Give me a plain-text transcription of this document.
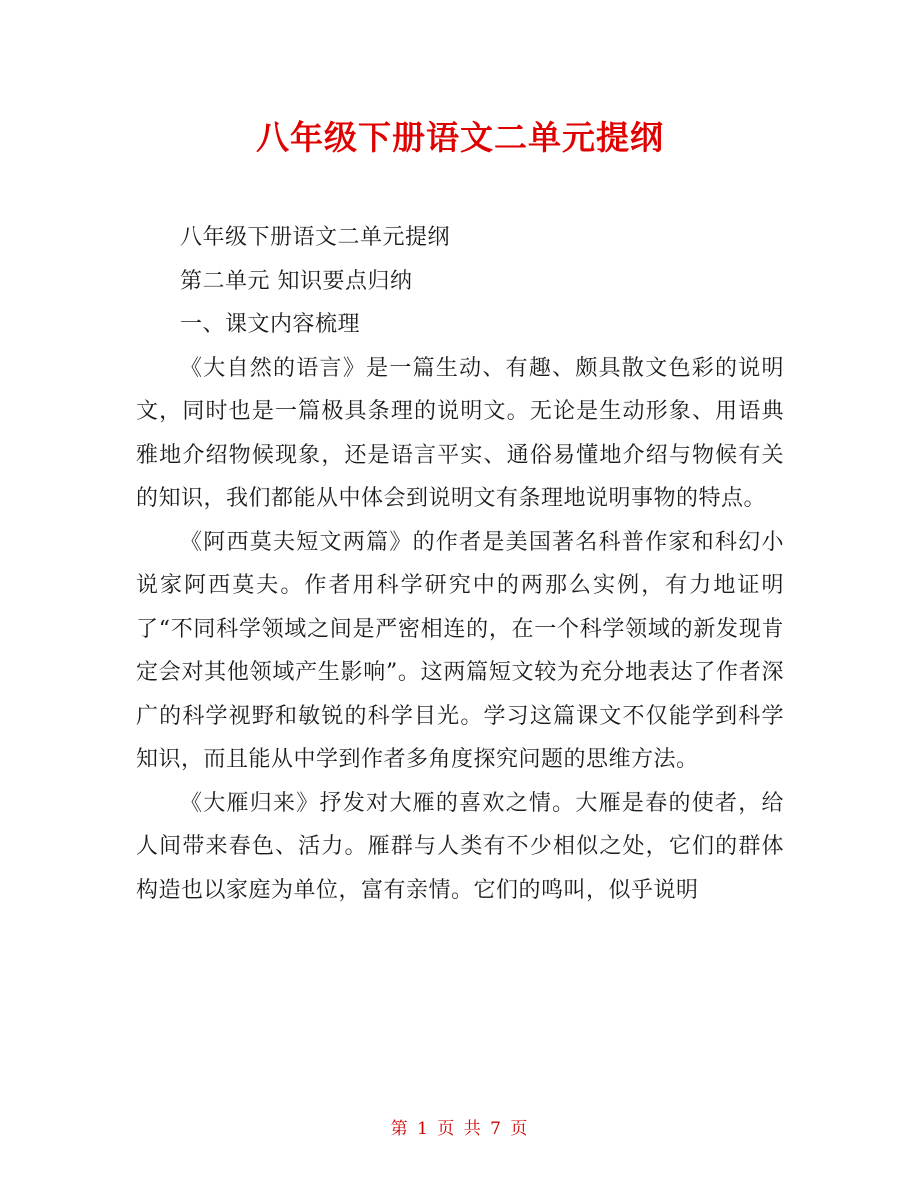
八年级下册语文二单元提纲

八年级下册语文二单元提纲

第二单元 知识要点归纳

一、课文内容梳理

《大自然的语言》是一篇生动、有趣、颇具散文色彩的说明文，同时也是一篇极具条理的说明文。无论是生动形象、用语典雅地介绍物候现象，还是语言平实、通俗易懂地介绍与物候有关的知识，我们都能从中体会到说明文有条理地说明事物的特点。

《阿西莫夫短文两篇》的作者是美国著名科普作家和科幻小说家阿西莫夫。作者用科学研究中的两那么实例，有力地证明了“不同科学领域之间是严密相连的，在一个科学领域的新发现肯定会对其他领域产生影响”。这两篇短文较为充分地表达了作者深广的科学视野和敏锐的科学目光。学习这篇课文不仅能学到科学知识，而且能从中学到作者多角度探究问题的思维方法。

《大雁归来》抒发对大雁的喜欢之情。大雁是春的使者，给人间带来春色、活力。雁群与人类有不少相似之处，它们的群体构造也以家庭为单位，富有亲情。它们的鸣叫，似乎说明

第 1 页 共 7 页
